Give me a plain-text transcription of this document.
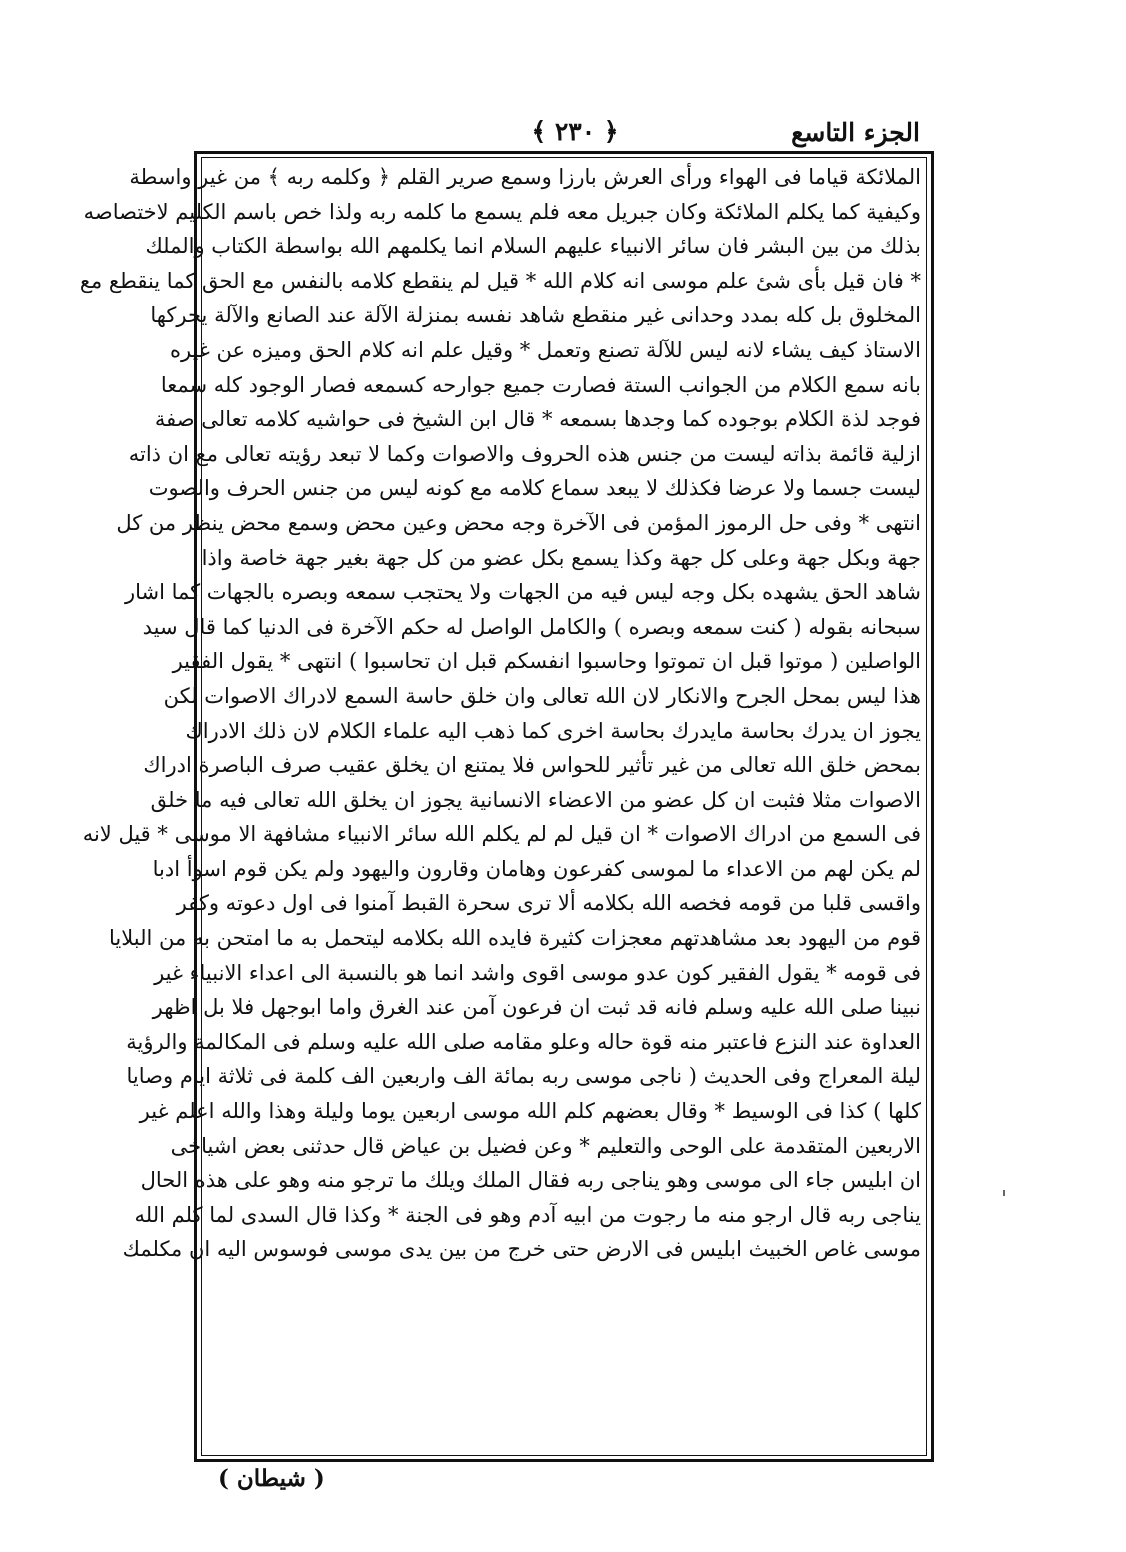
الجزء التاسع
﴿ ٢٣٠ ﴾
الملائكة قياما فى الهواء ورأى العرش بارزا وسمع صرير القلم ﴿ وكلمه ربه ﴾ من غير واسطة
وكيفية كما يكلم الملائكة وكان جبريل معه فلم يسمع ما كلمه ربه ولذا خص باسم الكليم لاختصاصه
بذلك من بين البشر فان سائر الانبياء عليهم السلام انما يكلمهم الله بواسطة الكتاب والملك
* فان قيل بأى شئ علم موسى انه كلام الله * قيل لم ينقطع كلامه بالنفس مع الحق كما ينقطع مع
المخلوق بل كله بمدد وحدانى غير منقطع شاهد نفسه بمنزلة الآلة عند الصانع والآلة يحركها
الاستاذ كيف يشاء لانه ليس للآلة تصنع وتعمل * وقيل علم انه كلام الحق وميزه عن غيره
بانه سمع الكلام من الجوانب الستة فصارت جميع جوارحه كسمعه فصار الوجود كله سمعا
فوجد لذة الكلام بوجوده كما وجدها بسمعه * قال ابن الشيخ فى حواشيه كلامه تعالى صفة
ازلية قائمة بذاته ليست من جنس هذه الحروف والاصوات وكما لا تبعد رؤيته تعالى مع ان ذاته
ليست جسما ولا عرضا فكذلك لا يبعد سماع كلامه مع كونه ليس من جنس الحرف والصوت
انتهى * وفى حل الرموز المؤمن فى الآخرة وجه محض وعين محض وسمع محض ينظر من كل
جهة وبكل جهة وعلى كل جهة وكذا يسمع بكل عضو من كل جهة بغير جهة خاصة واذا
شاهد الحق يشهده بكل وجه ليس فيه من الجهات ولا يحتجب سمعه وبصره بالجهات كما اشار
سبحانه بقوله ( كنت سمعه وبصره ) والكامل الواصل له حكم الآخرة فى الدنيا كما قال سيد
الواصلين ( موتوا قبل ان تموتوا وحاسبوا انفسكم قبل ان تحاسبوا ) انتهى * يقول الفقير
هذا ليس بمحل الجرح والانكار لان الله تعالى وان خلق حاسة السمع لادراك الاصوات لكن
يجوز ان يدرك بحاسة مايدرك بحاسة اخرى كما ذهب اليه علماء الكلام لان ذلك الادراك
بمحض خلق الله تعالى من غير تأثير للحواس فلا يمتنع ان يخلق عقيب صرف الباصرة ادراك
الاصوات مثلا فثبت ان كل عضو من الاعضاء الانسانية يجوز ان يخلق الله تعالى فيه ما خلق
فى السمع من ادراك الاصوات * ان قيل لم لم يكلم الله سائر الانبياء مشافهة الا موسى * قيل لانه
لم يكن لهم من الاعداء ما لموسى كفرعون وهامان وقارون واليهود ولم يكن قوم اسوأ ادبا
واقسى قلبا من قومه فخصه الله بكلامه ألا ترى سحرة القبط آمنوا فى اول دعوته وكفر
قوم من اليهود بعد مشاهدتهم معجزات كثيرة فايده الله بكلامه ليتحمل به ما امتحن به من البلايا
فى قومه * يقول الفقير كون عدو موسى اقوى واشد انما هو بالنسبة الى اعداء الانبياء غير
نبينا صلى الله عليه وسلم فانه قد ثبت ان فرعون آمن عند الغرق واما ابوجهل فلا بل اظهر
العداوة عند النزع فاعتبر منه قوة حاله وعلو مقامه صلى الله عليه وسلم فى المكالمة والرؤية
ليلة المعراج وفى الحديث ( ناجى موسى ربه بمائة الف واربعين الف كلمة فى ثلاثة ايام وصايا
كلها ) كذا فى الوسيط * وقال بعضهم كلم الله موسى اربعين يوما وليلة وهذا والله اعلم غير
الاربعين المتقدمة على الوحى والتعليم * وعن فضيل بن عياض قال حدثنى بعض اشياخى
ان ابليس جاء الى موسى وهو يناجى ربه فقال الملك ويلك ما ترجو منه وهو على هذه الحال
يناجى ربه قال ارجو منه ما رجوت من ابيه آدم وهو فى الجنة * وكذا قال السدى لما كلم الله
موسى غاص الخبيث ابليس فى الارض حتى خرج من بين يدى موسى فوسوس اليه ان مكلمك
( شيطان )
